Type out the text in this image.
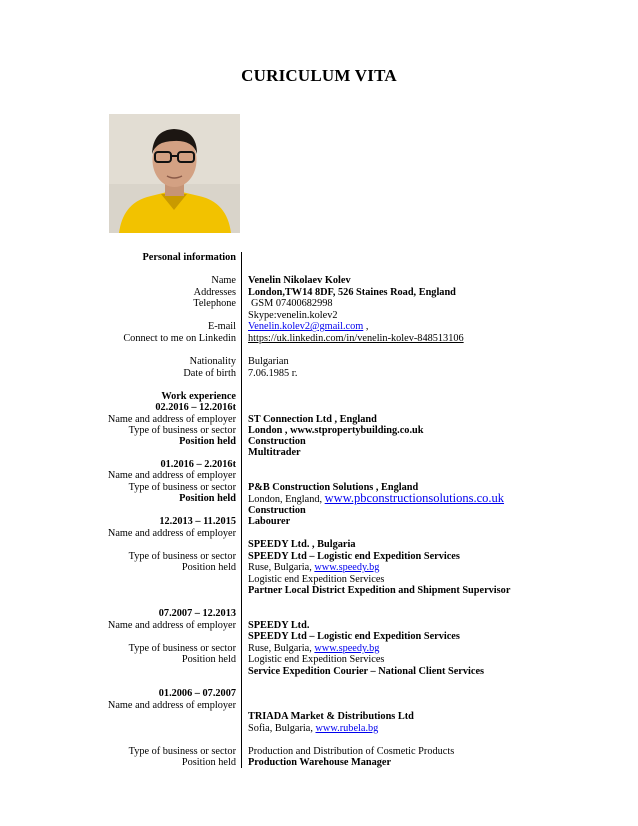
CURICULUM VITA
Personal information
Name Venelin Nikolaev Kolev
Addresses London,TW14 8DF, 526 Staines Road, England
Telephone GSM 07400682998
Skype:venelin.kolev2
E-mail Venelin.kolev2@gmail.com ,
Connect to me on Linkedin https://uk.linkedin.com/in/venelin-kolev-848513106
Nationality Bulgarian
Date of birth 7.06.1985 г.
Work experience
02.2016 – 12.2016t
Name and address of employer ST Connection Ltd , England
Type of business or sector London , www.stpropertybuilding.co.uk
Position held Construction
Multitrader
01.2016 – 2.2016t
Name and address of employer
Type of business or sector P&B Construction Solutions , England
Position held London, England, www.pbconstructionsolutions.co.uk
Construction
12.2013 – 11.2015 Labourer
Name and address of employer
SPEEDY Ltd. , Bulgaria
Type of business or sector SPEEDY Ltd – Logistic end Expedition Services
Position held Ruse, Bulgaria, www.speedy.bg
Logistic end Expedition Services
Partner Local District Expedition and Shipment Supervisor
07.2007 – 12.2013
Name and address of employer SPEEDY Ltd.
SPEEDY Ltd – Logistic end Expedition Services
Type of business or sector Ruse, Bulgaria, www.speedy.bg
Position held Logistic end Expedition Services
Service Expedition Courier – National Client Services
01.2006 – 07.2007
Name and address of employer
TRIADA Market & Distributions Ltd
Sofia, Bulgaria, www.rubela.bg
Type of business or sector Production and Distribution of Cosmetic Products
Position held Production Warehouse Manager
